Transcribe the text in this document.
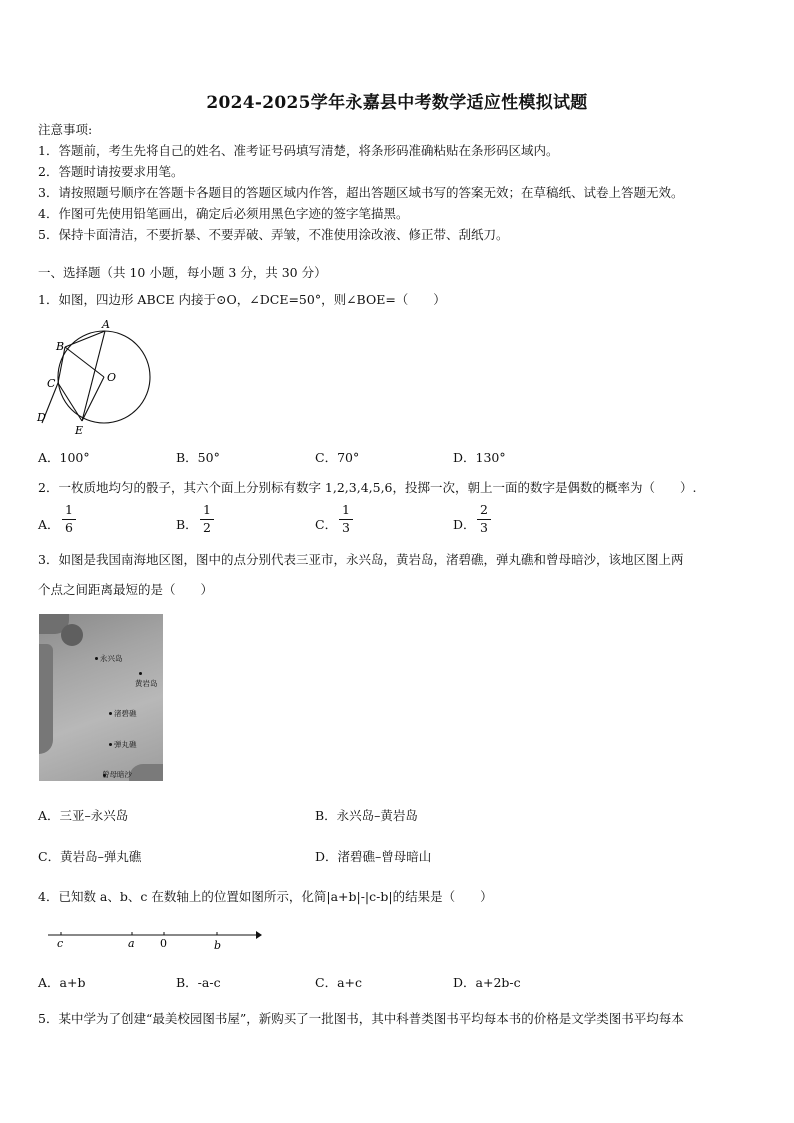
2024-2025学年永嘉县中考数学适应性模拟试题
注意事项:
1．答题前，考生先将自己的姓名、准考证号码填写清楚，将条形码准确粘贴在条形码区域内。
2．答题时请按要求用笔。
3．请按照题号顺序在答题卡各题目的答题区域内作答，超出答题区域书写的答案无效；在草稿纸、试卷上答题无效。
4．作图可先使用铅笔画出，确定后必须用黑色字迹的签字笔描黑。
5．保持卡面清洁，不要折暴、不要弄破、弄皱，不准使用涂改液、修正带、刮纸刀。
一、选择题（共 10 小题，每小题 3 分，共 30 分）
1．如图，四边形 ABCE 内接于⊙O，∠DCE=50°，则∠BOE=（　　）
A
B
C
D
E
O
A．100°	B．50°	C．70°	D．130°
2．一枚质地均匀的骰子，其六个面上分别标有数字 1,2,3,4,5,6，投掷一次，朝上一面的数字是偶数的概率为（　　）.
A．
1
6	B．
1
2	C．
1
3	D．
2
3
3．如图是我国南海地区图，图中的点分别代表三亚市，永兴岛，黄岩岛，渚碧礁，弹丸礁和曾母暗沙，该地区图上两
个点之间距离最短的是（　　）
永兴岛
黄岩岛
渚碧礁
弹丸礁
曾母暗沙
A．三亚–永兴岛	B．永兴岛–黄岩岛
C．黄岩岛–弹丸礁	D．渚碧礁–曾母暗山
4．已知数 a、b、c 在数轴上的位置如图所示，化简|a+b|-|c-b|的结果是（　　）
c	a 0	b
A．a+b	B．-a-c	C．a+c	D．a+2b-c
5．某中学为了创建“最美校园图书屋”，新购买了一批图书，其中科普类图书平均每本书的价格是文学类图书平均每本
